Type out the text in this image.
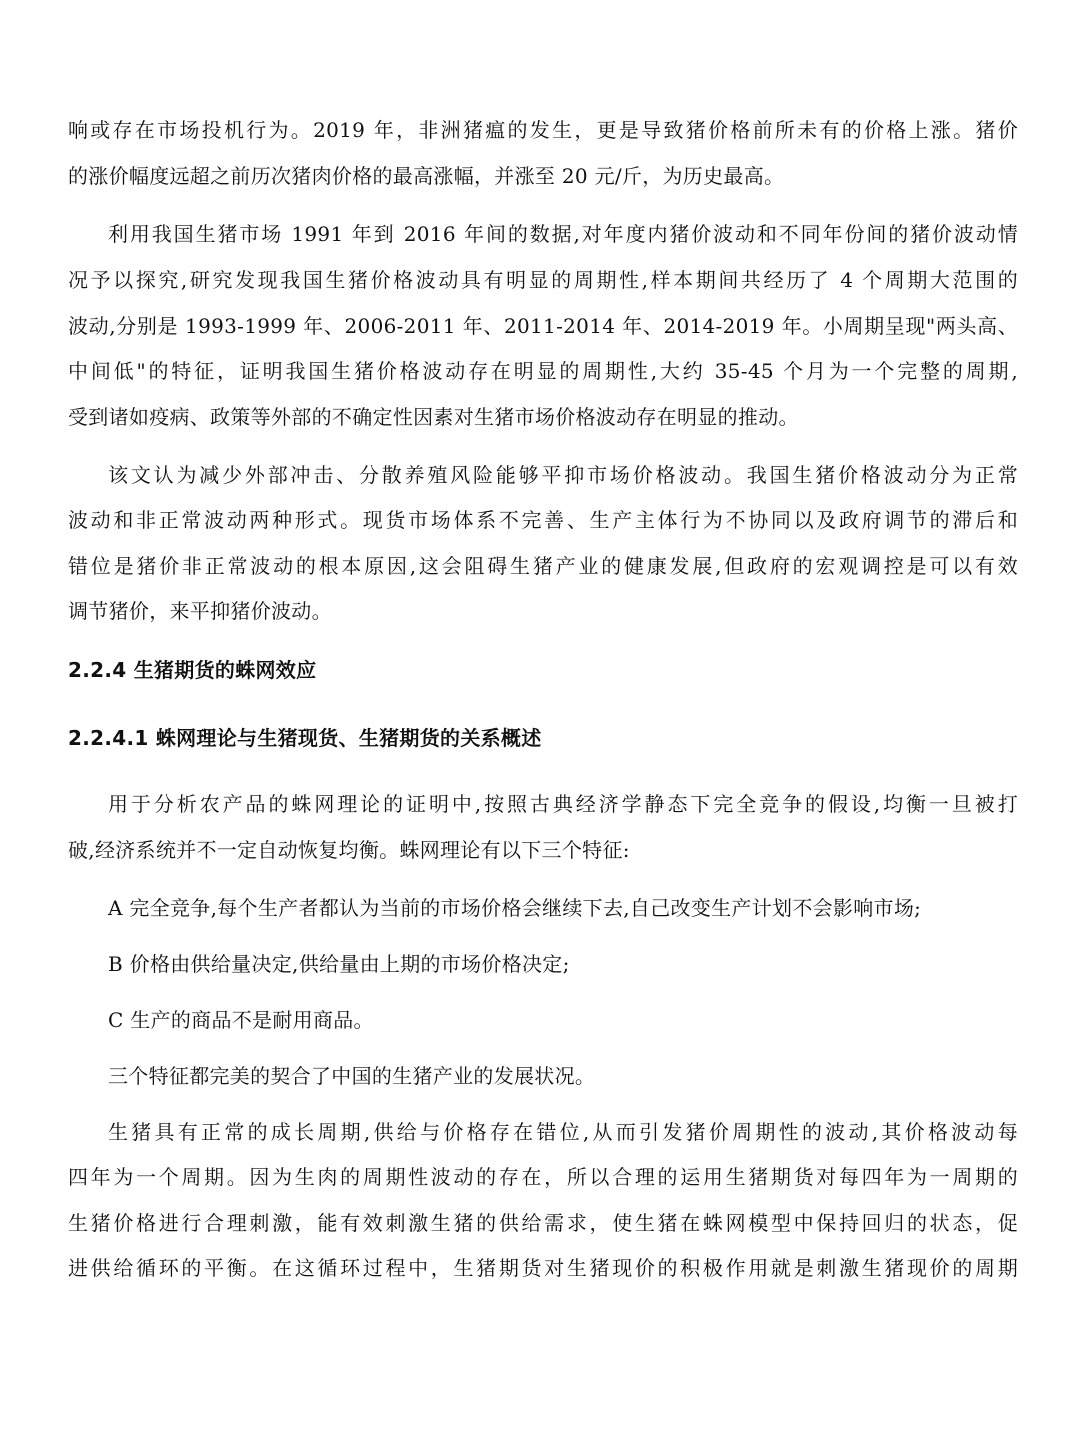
响或存在市场投机行为。2019 年，非洲猪瘟的发生，更是导致猪价格前所未有的价格上涨。猪价
的涨价幅度远超之前历次猪肉价格的最高涨幅，并涨至 20 元/斤，为历史最高。
利用我国生猪市场 1991 年到 2016 年间的数据,对年度内猪价波动和不同年份间的猪价波动情
况予以探究,研究发现我国生猪价格波动具有明显的周期性,样本期间共经历了 4 个周期大范围的
波动,分别是 1993-1999 年、2006-2011 年、2011-2014 年、2014-2019 年。小周期呈现"两头高、
中间低"的特征，证明我国生猪价格波动存在明显的周期性,大约 35-45 个月为一个完整的周期,
受到诸如疫病、政策等外部的不确定性因素对生猪市场价格波动存在明显的推动。
该文认为减少外部冲击、分散养殖风险能够平抑市场价格波动。我国生猪价格波动分为正常
波动和非正常波动两种形式。现货市场体系不完善、生产主体行为不协同以及政府调节的滞后和
错位是猪价非正常波动的根本原因,这会阻碍生猪产业的健康发展,但政府的宏观调控是可以有效
调节猪价，来平抑猪价波动。
2.2.4 生猪期货的蛛网效应
2.2.4.1 蛛网理论与生猪现货、生猪期货的关系概述
用于分析农产品的蛛网理论的证明中,按照古典经济学静态下完全竞争的假设,均衡一旦被打
破,经济系统并不一定自动恢复均衡。蛛网理论有以下三个特征:
A 完全竞争,每个生产者都认为当前的市场价格会继续下去,自己改变生产计划不会影响市场;
B 价格由供给量决定,供给量由上期的市场价格决定;
C 生产的商品不是耐用商品。
三个特征都完美的契合了中国的生猪产业的发展状况。
生猪具有正常的成长周期,供给与价格存在错位,从而引发猪价周期性的波动,其价格波动每
四年为一个周期。因为生肉的周期性波动的存在，所以合理的运用生猪期货对每四年为一周期的
生猪价格进行合理刺激，能有效刺激生猪的供给需求，使生猪在蛛网模型中保持回归的状态，促
进供给循环的平衡。在这循环过程中，生猪期货对生猪现价的积极作用就是刺激生猪现价的周期
